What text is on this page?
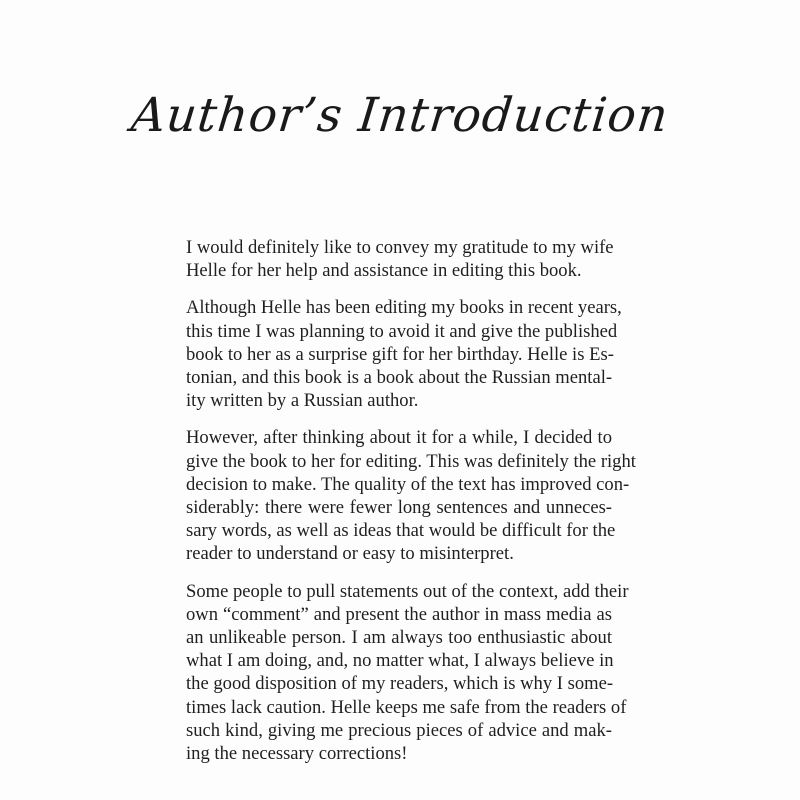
Author’s Introduction

I would definitely like to convey my gratitude to my wife
Helle for her help and assistance in editing this book.

Although Helle has been editing my books in recent years,
this time I was planning to avoid it and give the published
book to her as a surprise gift for her birthday. Helle is Es-
tonian, and this book is a book about the Russian mental-
ity written by a Russian author.

However, after thinking about it for a while, I decided to
give the book to her for editing. This was definitely the right
decision to make. The quality of the text has improved con-
siderably: there were fewer long sentences and unneces-
sary words, as well as ideas that would be difficult for the
reader to understand or easy to misinterpret.

Some people to pull statements out of the context, add their
own “comment” and present the author in mass media as
an unlikeable person. I am always too enthusiastic about
what I am doing, and, no matter what, I always believe in
the good disposition of my readers, which is why I some-
times lack caution. Helle keeps me safe from the readers of
such kind, giving me precious pieces of advice and mak-
ing the necessary corrections!
